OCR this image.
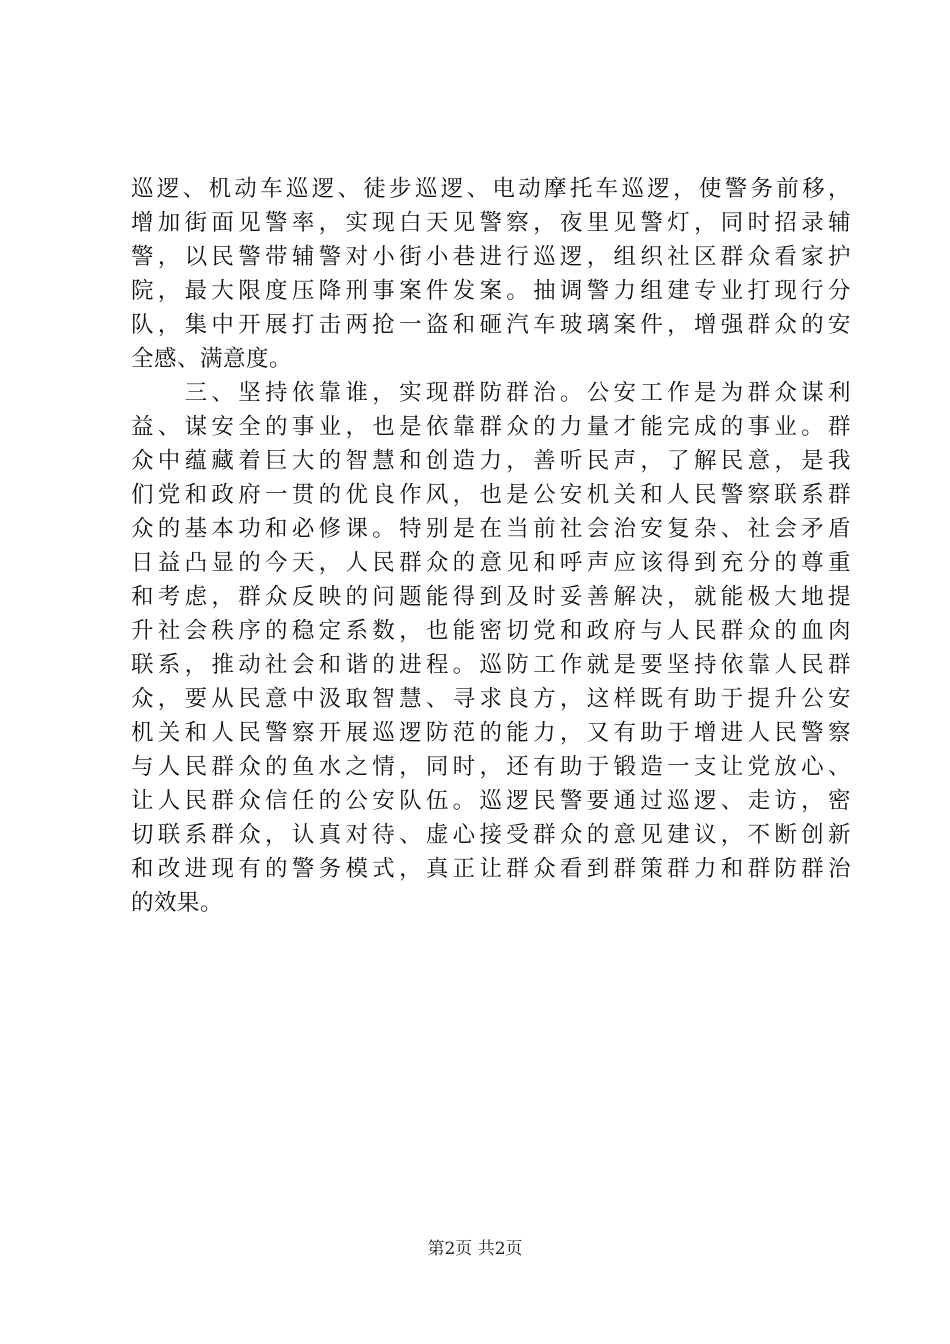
巡逻、机动车巡逻、徒步巡逻、电动摩托车巡逻，使警务前移，
增加街面见警率，实现白天见警察，夜里见警灯，同时招录辅
警，以民警带辅警对小街小巷进行巡逻，组织社区群众看家护
院，最大限度压降刑事案件发案。抽调警力组建专业打现行分
队，集中开展打击两抢一盗和砸汽车玻璃案件，增强群众的安
全感、满意度。
　　三、坚持依靠谁，实现群防群治。公安工作是为群众谋利
益、谋安全的事业，也是依靠群众的力量才能完成的事业。群
众中蕴藏着巨大的智慧和创造力，善听民声，了解民意，是我
们党和政府一贯的优良作风，也是公安机关和人民警察联系群
众的基本功和必修课。特别是在当前社会治安复杂、社会矛盾
日益凸显的今天，人民群众的意见和呼声应该得到充分的尊重
和考虑，群众反映的问题能得到及时妥善解决，就能极大地提
升社会秩序的稳定系数，也能密切党和政府与人民群众的血肉
联系，推动社会和谐的进程。巡防工作就是要坚持依靠人民群
众，要从民意中汲取智慧、寻求良方，这样既有助于提升公安
机关和人民警察开展巡逻防范的能力，又有助于增进人民警察
与人民群众的鱼水之情，同时，还有助于锻造一支让党放心、
让人民群众信任的公安队伍。巡逻民警要通过巡逻、走访，密
切联系群众，认真对待、虚心接受群众的意见建议，不断创新
和改进现有的警务模式，真正让群众看到群策群力和群防群治
的效果。
第2页 共2页
